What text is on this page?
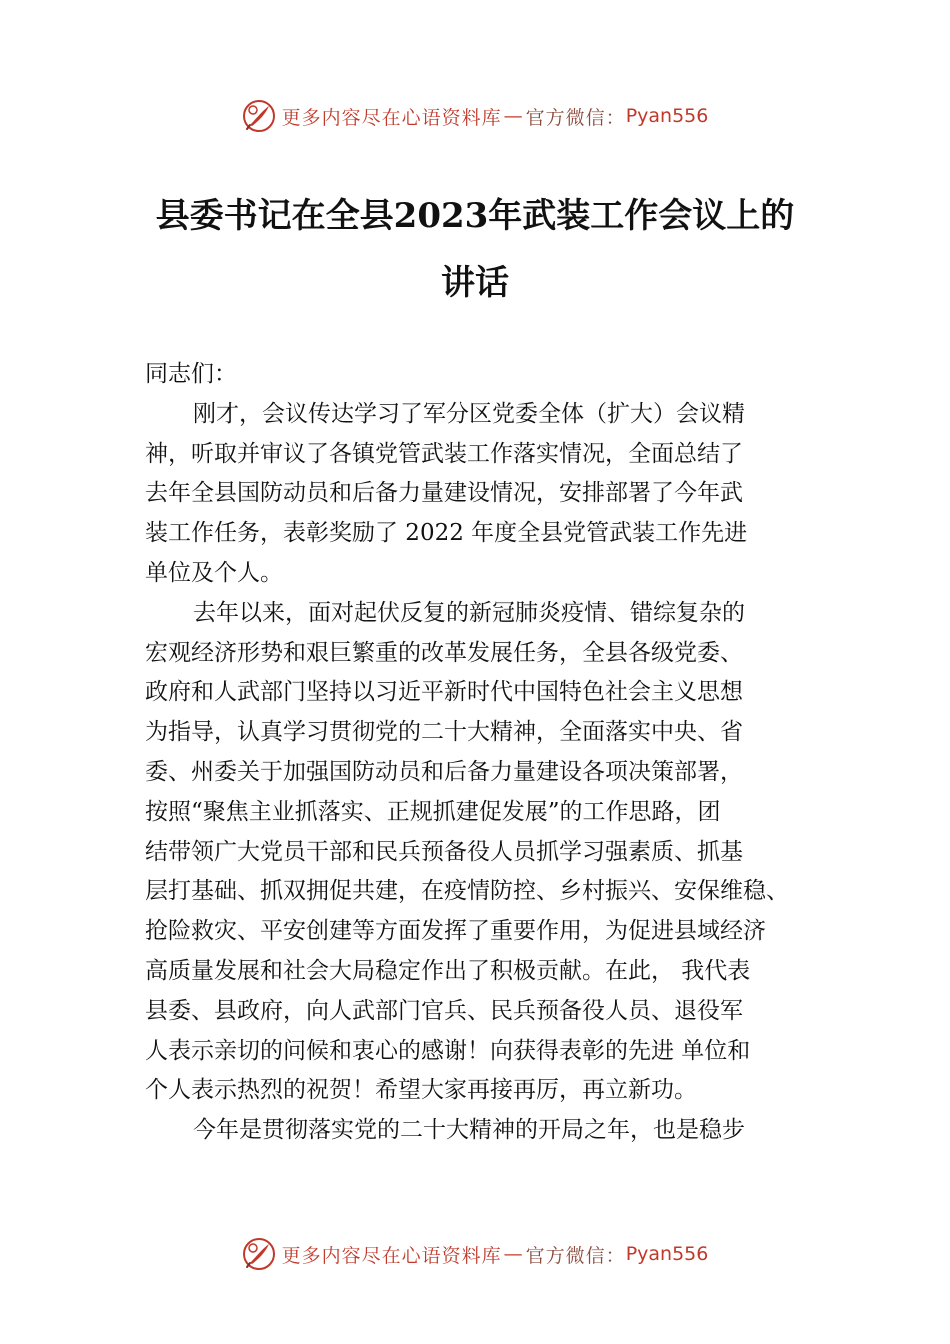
更多内容尽在心语资料库 — 官方微信： Pyan556
县委书记在全县2023年武装工作会议上的
讲话
同志们：
刚才，会议传达学习了军分区党委全体（扩大）会议精
神，听取并审议了各镇党管武装工作落实情况，全面总结了
去年全县国防动员和后备力量建设情况，安排部署了今年武
装工作任务，表彰奖励了 2022 年度全县党管武装工作先进
单位及个人。
去年以来，面对起伏反复的新冠肺炎疫情、错综复杂的
宏观经济形势和艰巨繁重的改革发展任务，全县各级党委、
政府和人武部门坚持以习近平新时代中国特色社会主义思想
为指导，认真学习贯彻党的二十大精神，全面落实中央、省
委、州委关于加强国防动员和后备力量建设各项决策部署，
按照“聚焦主业抓落实、正规抓建促发展”的工作思路，团
结带领广大党员干部和民兵预备役人员抓学习强素质、抓基
层打基础、抓双拥促共建，在疫情防控、乡村振兴、安保维稳、
抢险救灾、平安创建等方面发挥了重要作用，为促进县域经济
高质量发展和社会大局稳定作出了积极贡献。在此， 我代表
县委、县政府，向人武部门官兵、民兵预备役人员、退役军
人表示亲切的问候和衷心的感谢！向获得表彰的先进 单位和
个人表示热烈的祝贺！希望大家再接再厉，再立新功。
今年是贯彻落实党的二十大精神的开局之年，也是稳步
更多内容尽在心语资料库 — 官方微信： Pyan556
